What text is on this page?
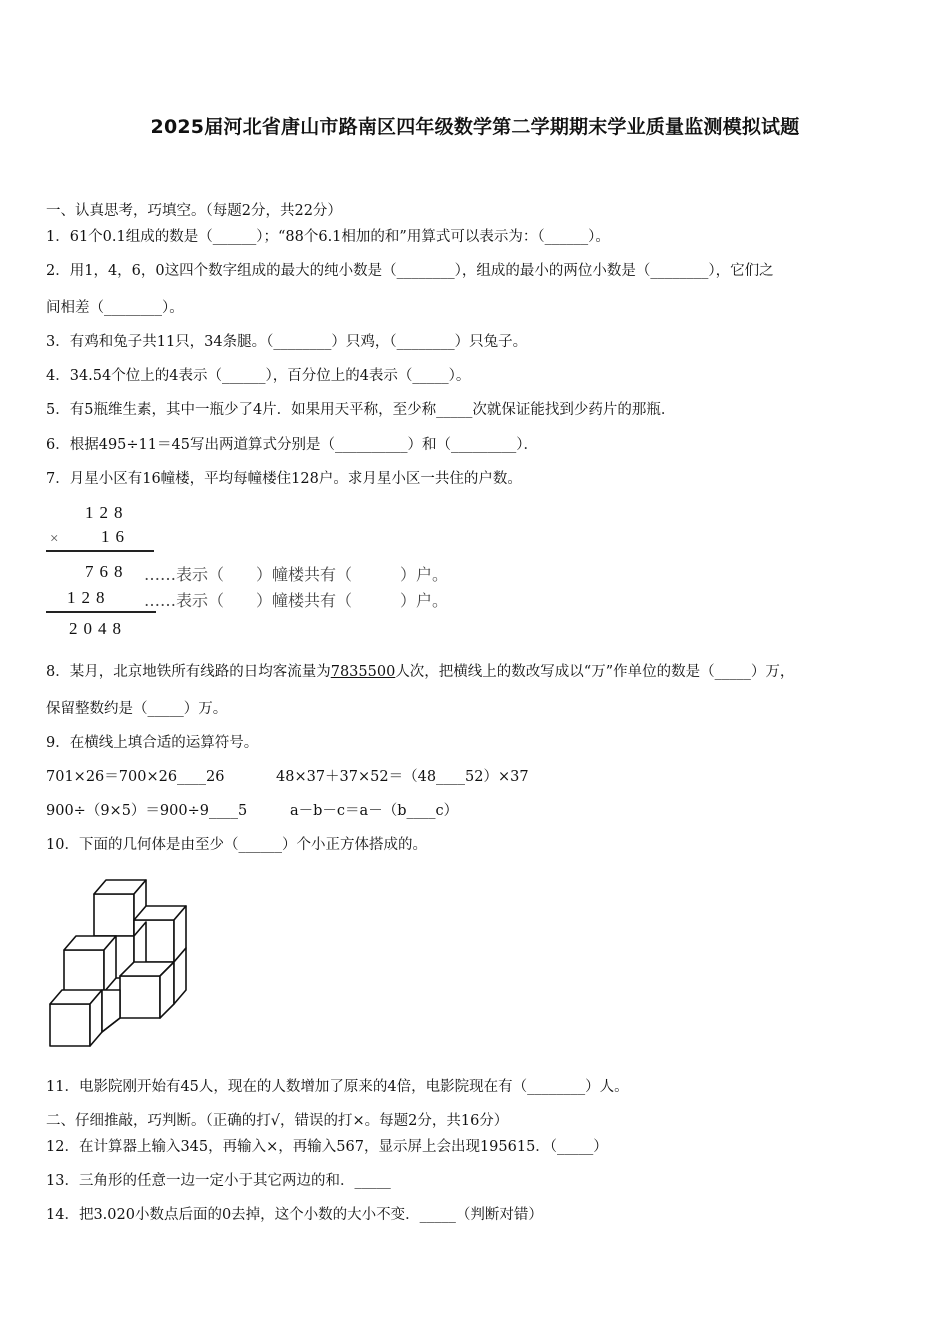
2025届河北省唐山市路南区四年级数学第二学期期末学业质量监测模拟试题
一、认真思考，巧填空。（每题2分，共22分）
1．61个0.1组成的数是（______）；“88个6.1相加的和”用算式可以表示为：（______）。
2．用1，4，6，0这四个数字组成的最大的纯小数是（________），组成的最小的两位小数是（________），它们之
间相差（________）。
3．有鸡和兔子共11只，34条腿。（________）只鸡，（________）只兔子。
4．34.54个位上的4表示（______），百分位上的4表示（_____）。
5．有5瓶维生素，其中一瓶少了4片．如果用天平称，至少称_____次就保证能找到少药片的那瓶．
6．根据495÷11＝45写出两道算式分别是（__________）和（_________）．
7．月星小区有16幢楼，平均每幢楼住128户。求月星小区一共住的户数。
128
× 16
768 ……表示（　　）幢楼共有（　　　）户。
128 ……表示（　　）幢楼共有（　　　）户。
2048
8．某月，北京地铁所有线路的日均客流量为7835500人次，把横线上的数改写成以“万”作单位的数是（_____）万，
保留整数约是（_____）万。
9．在横线上填合适的运算符号。
701×26＝700×26____26	48×37＋37×52＝（48____52）×37
900÷（9×5）＝900÷9____5	a－b－c＝a－（b____c）
10．下面的几何体是由至少（______）个小正方体搭成的。
11．电影院刚开始有45人，现在的人数增加了原来的4倍，电影院现在有（________）人。
二、仔细推敲，巧判断。（正确的打√，错误的打×。每题2分，共16分）
12．在计算器上输入345，再输入×，再输入567，显示屏上会出现195615．（_____）
13．三角形的任意一边一定小于其它两边的和．_____
14．把3.020小数点后面的0去掉，这个小数的大小不变．_____（判断对错）
